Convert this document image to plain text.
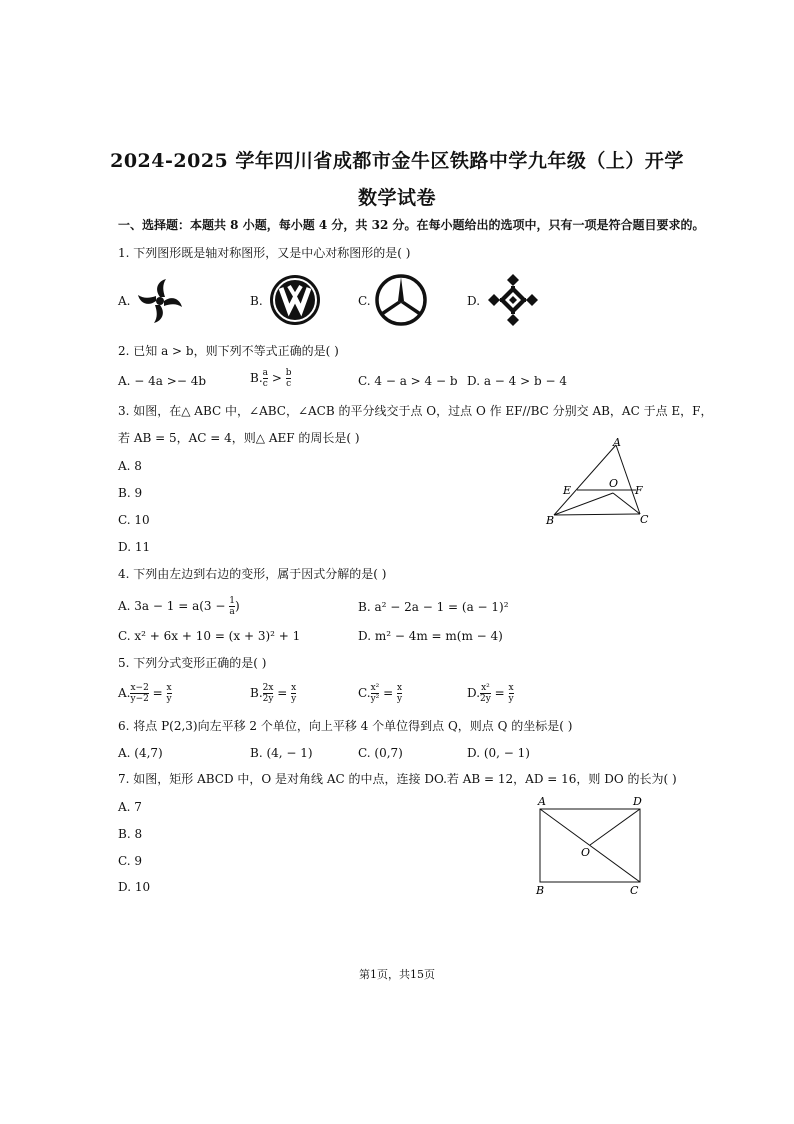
2024-2025 学年四川省成都市金牛区铁路中学九年级（上）开学
数学试卷
一、选择题：本题共 8 小题，每小题 4 分，共 32 分。在每小题给出的选项中，只有一项是符合题目要求的。
1. 下列图形既是轴对称图形，又是中心对称图形的是( )
A.	B.	C.	D.
2. 已知 a > b，则下列不等式正确的是( )
A. − 4a >− 4b	B. $\frac{a}{c} > \frac{b}{c}$	C. 4 − a > 4 − b D. a − 4 > b − 4
3. 如图，在△ ABC 中，∠ABC，∠ACB 的平分线交于点 O，过点 O 作 EF//BC 分别交 AB，AC 于点 E，F，
若 AB = 5，AC = 4，则△ AEF 的周长是( )
A. 8
B. 9
C. 10
D. 11
A
B	C
E	F
O
4. 下列由左边到右边的变形，属于因式分解的是( )
A. $3a - 1 = a(3 - \frac{1}{a}$ )	B. a² − 2a − 1 = (a − 1)²
C. x² + 6x + 10 = (x + 3)² + 1	D. m² − 4m = m(m − 4)
5. 下列分式变形正确的是( )
A. $\frac{x-2}{y-2} = \frac{x}{y}$	B. $\frac{2x}{2y} = \frac{x}{y}$	C. $\frac{\text{x²}}{\text{y²}} = \frac{x}{y}$	D. $\frac{\text{x²}}{2y} = \frac{x}{y}$
6. 将点 P(2,3)向左平移 2 个单位，向上平移 4 个单位得到点 Q，则点 Q 的坐标是( )
A. (4,7)	B. (4, − 1)	C. (0,7)	D. (0, − 1)
7. 如图，矩形 ABCD 中，O 是对角线 AC 的中点，连接 DO.若 AB = 12，AD = 16，则 DO 的长为( )
A. 7
B. 8
C. 9
D. 10
A	D
B	C
O
第1页，共15页
